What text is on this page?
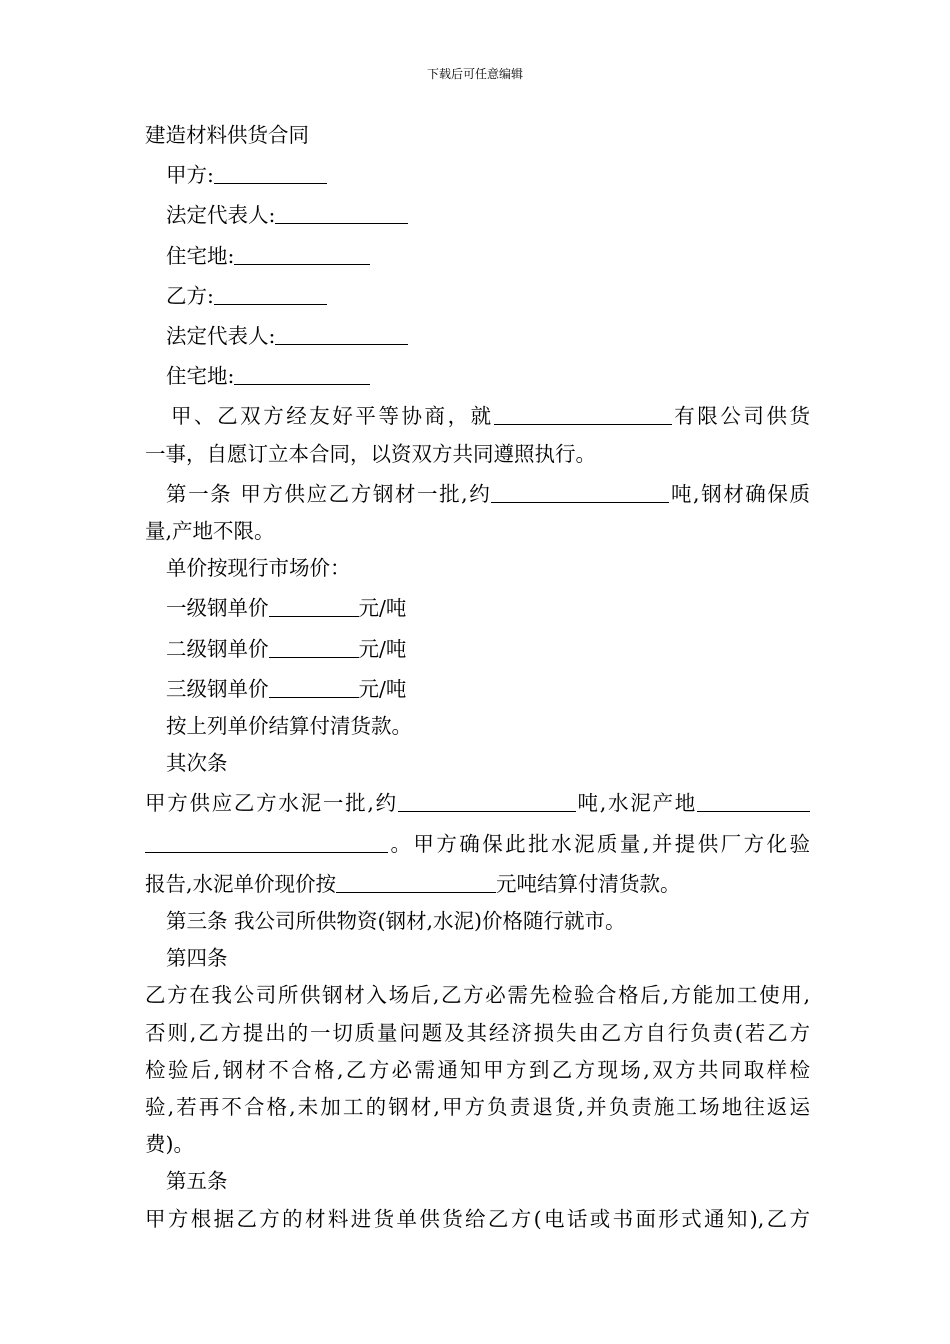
下载后可任意编辑
建造材料供货合同
甲方:
法定代表人:
住宅地:
乙方:
法定代表人:
住宅地:
甲、乙双方经友好平等协商，就	有限公司供货
一事，自愿订立本合同，以资双方共同遵照执行。
第一条 甲方供应乙方钢材一批,约	吨,钢材确保质
量,产地不限。
单价按现行市场价：
一级钢单价	元/吨
二级钢单价	元/吨
三级钢单价	元/吨
按上列单价结算付清货款。
其次条
甲方供应乙方水泥一批,约	吨,水泥产地
。甲方确保此批水泥质量,并提供厂方化验
报告,水泥单价现价按	元吨结算付清货款。
第三条 我公司所供物资(钢材,水泥)价格随行就市。
第四条
乙方在我公司所供钢材入场后,乙方必需先检验合格后,方能加工使用,
否则,乙方提出的一切质量问题及其经济损失由乙方自行负责(若乙方
检验后,钢材不合格,乙方必需通知甲方到乙方现场,双方共同取样检
验,若再不合格,未加工的钢材,甲方负责退货,并负责施工场地往返运
费)。
第五条
甲方根据乙方的材料进货单供货给乙方(电话或书面形式通知),乙方
